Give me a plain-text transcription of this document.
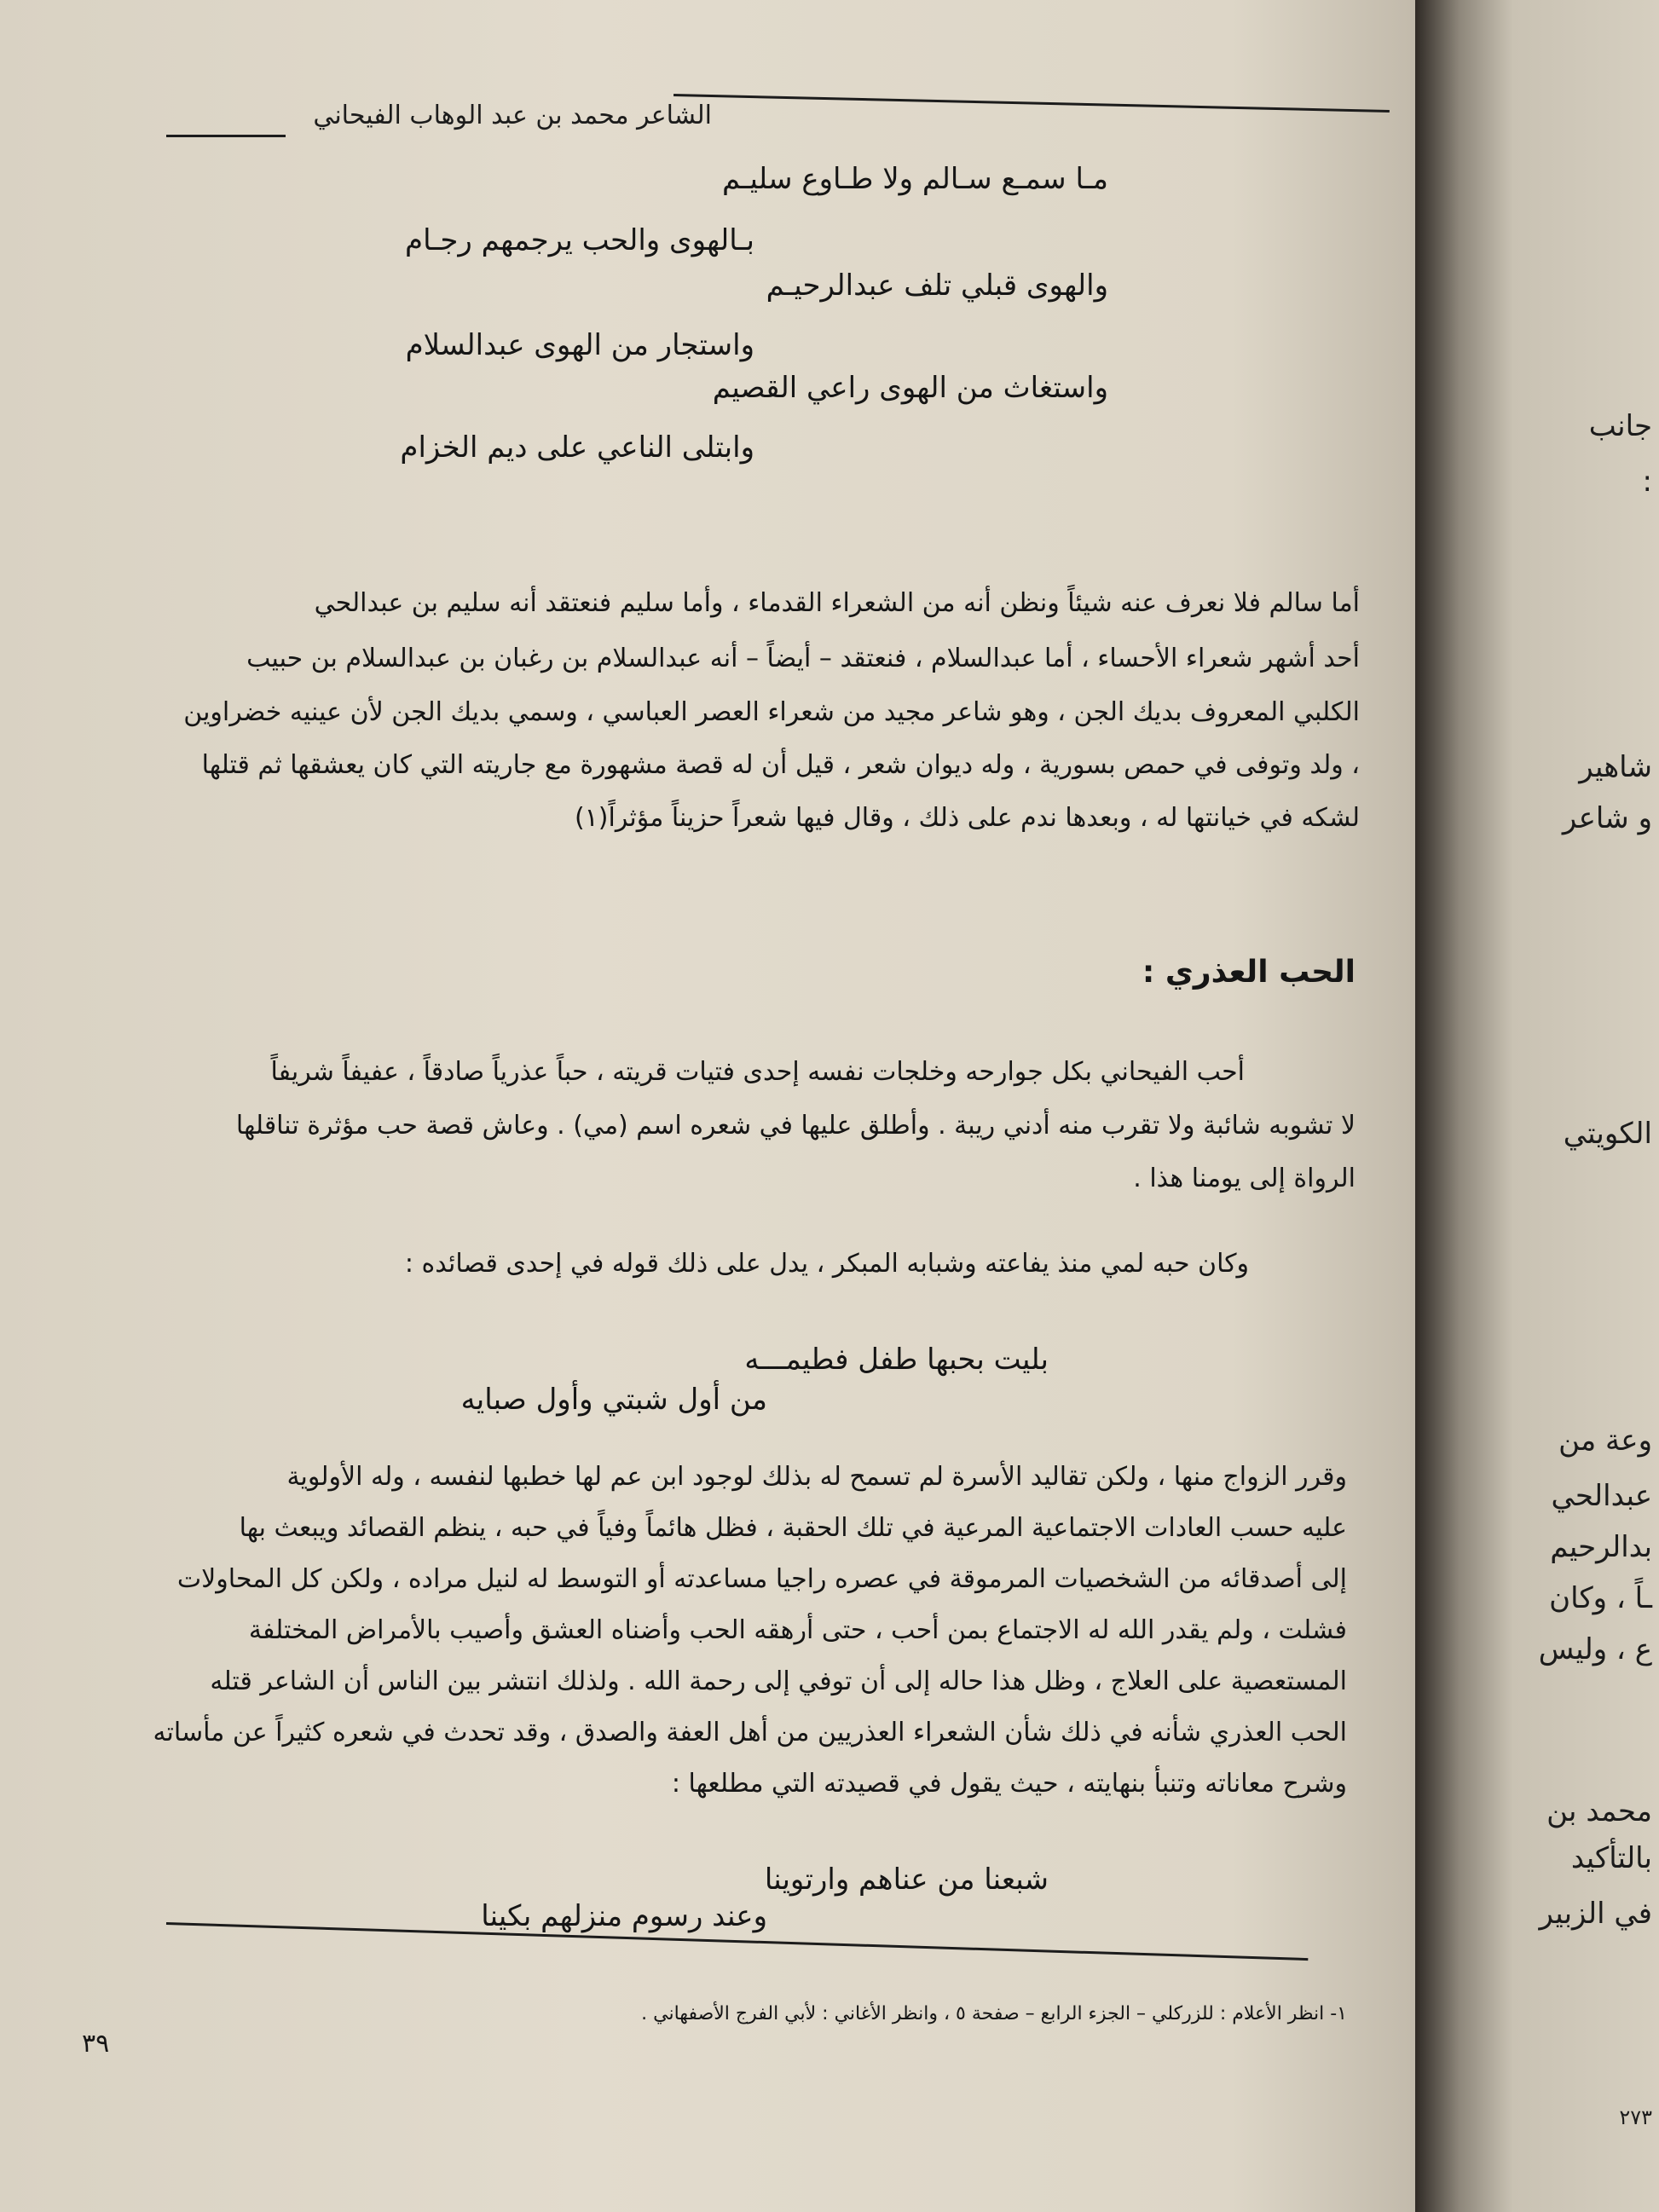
الشاعر محمد بن عبد الوهاب الفيحاني
مـا سمـع سـالم ولا طـاوع سليـم
بـالهوى والحب يرجمهم رجـام
والهوى قبلي تلف عبدالرحيـم
واستجار من الهوى عبدالسلام
واستغاث من الهوى راعي القصيم
وابتلى الناعي على ديم الخزام
أما سالم فلا نعرف عنه شيئاً ونظن أنه من الشعراء القدماء ، وأما سليم فنعتقد أنه سليم بن عبدالحي
أحد أشهر شعراء الأحساء ، أما عبدالسلام ، فنعتقد – أيضاً – أنه عبدالسلام بن رغبان بن عبدالسلام بن حبيب
الكلبي المعروف بديك الجن ، وهو شاعر مجيد من شعراء العصر العباسي ، وسمي بديك الجن لأن عينيه خضراوين
، ولد وتوفى في حمص بسورية ، وله ديوان شعر ، قيل أن له قصة مشهورة مع جاريته التي كان يعشقها ثم قتلها
لشكه في خيانتها له ، وبعدها ندم على ذلك ، وقال فيها شعراً حزيناً مؤثراً(١)
الحب العذري :
أحب الفيحاني بكل جوارحه وخلجات نفسه إحدى فتيات قريته ، حباً عذرياً صادقاً ، عفيفاً شريفاً
لا تشوبه شائبة ولا تقرب منه أدني ريبة . وأطلق عليها في شعره اسم (مي) . وعاش قصة حب مؤثرة تناقلها
الرواة إلى يومنا هذا .
وكان حبه لمي منذ يفاعته وشبابه المبكر ، يدل على ذلك قوله في إحدى قصائده :
بليت بحبها طفل فطيمـــه
من أول شبتي وأول صبايه
وقرر الزواج منها ، ولكن تقاليد الأسرة لم تسمح له بذلك لوجود ابن عم لها خطبها لنفسه ، وله الأولوية
عليه حسب العادات الاجتماعية المرعية في تلك الحقبة ، فظل هائماً وفياً في حبه ، ينظم القصائد ويبعث بها
إلى أصدقائه من الشخصيات المرموقة في عصره راجيا مساعدته أو التوسط له لنيل مراده ، ولكن كل المحاولات
فشلت ، ولم يقدر الله له الاجتماع بمن أحب ، حتى أرهقه الحب وأضناه العشق وأصيب بالأمراض المختلفة
المستعصية على العلاج ، وظل هذا حاله إلى أن توفي إلى رحمة الله . ولذلك انتشر بين الناس أن الشاعر قتله
الحب العذري شأنه في ذلك شأن الشعراء العذريين من أهل العفة والصدق ، وقد تحدث في شعره كثيراً عن مأساته
وشرح معاناته وتنبأ بنهايته ، حيث يقول في قصيدته التي مطلعها :
شبعنا من عناهم وارتوينا
وعند رسوم منزلهم بكينا
١- انظر الأعلام : للزركلي – الجزء الرابع – صفحة ٥ ، وانظر الأغاني : لأبي الفرج الأصفهاني .
٣٩
جانب
:
شاهير
و شاعر
الكويتي
وعة من
عبدالحي
بدالرحيم
ـاً ، وكان
ع ، وليس
محمد بن
بالتأكيد
في الزبير
٢٧٣
